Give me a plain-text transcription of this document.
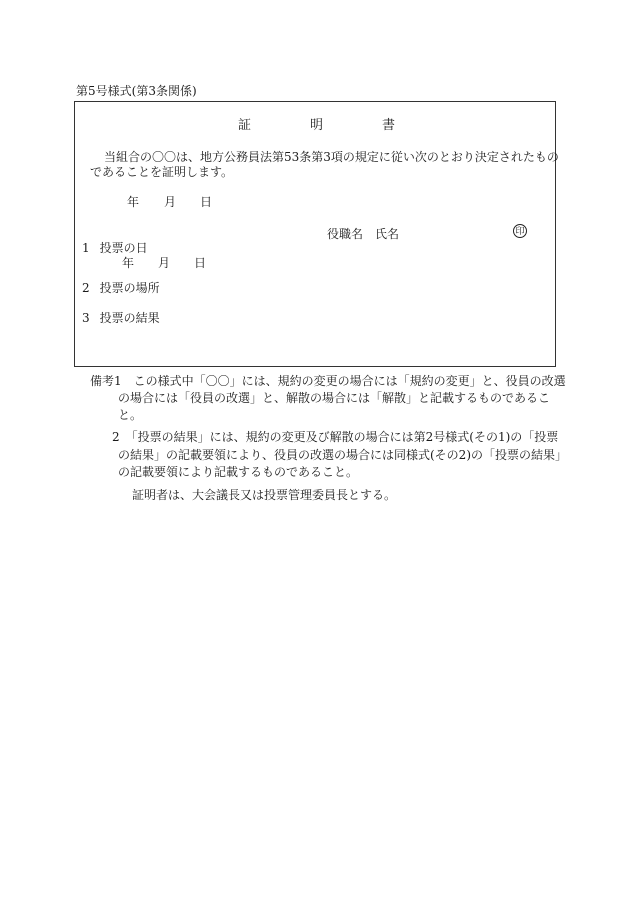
第5号様式(第3条関係)
証	明	書
当組合の〇〇は、地方公務員法第53条第3項の規定に従い次のとおり決定されたもの
であることを証明します。
年 月 日
役職名　氏名	印
1 投票の日
年 月 日
2 投票の場所
3 投票の結果
備考1　この様式中「〇〇」には、規約の変更の場合には「規約の変更」と、役員の改選
の場合には「役員の改選」と、解散の場合には「解散」と記載するものであるこ
と。
2　「投票の結果」には、規約の変更及び解散の場合には第2号様式(その1)の「投票
の結果」の記載要領により、役員の改選の場合には同様式(その2)の「投票の結果」
の記載要領により記載するものであること。
証明者は、大会議長又は投票管理委員長とする。
